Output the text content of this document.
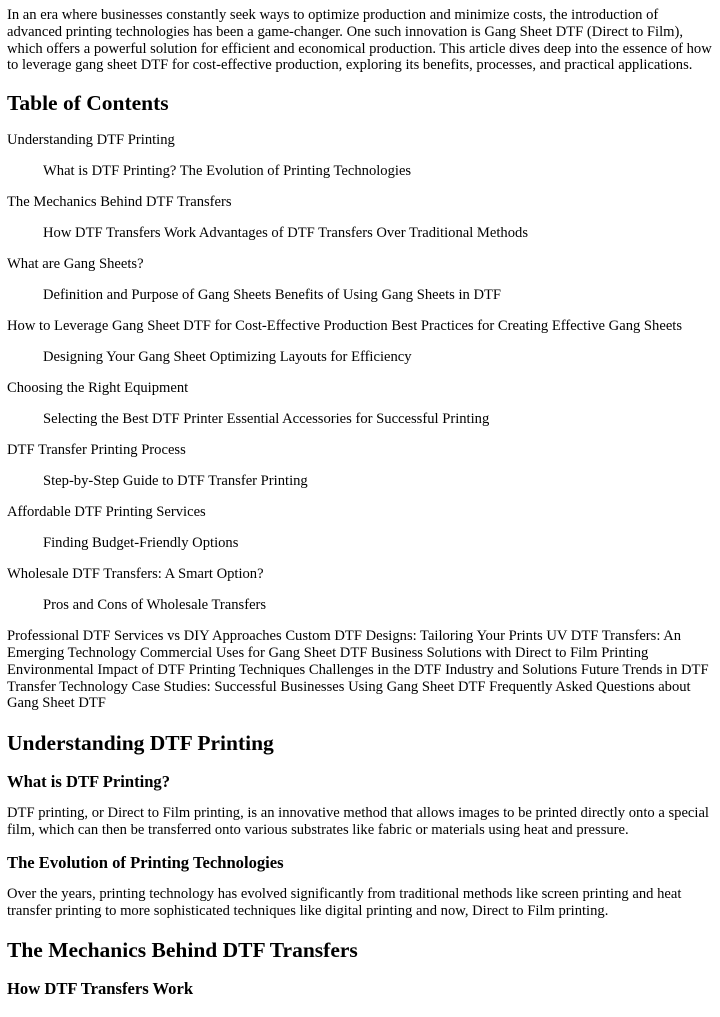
In an era where businesses constantly seek ways to optimize production and minimize costs, the introduction of advanced printing technologies has been a game-changer. One such innovation is Gang Sheet DTF (Direct to Film), which offers a powerful solution for efficient and economical production. This article dives deep into the essence of how to leverage gang sheet DTF for cost-effective production, exploring its benefits, processes, and practical applications.

Table of Contents

Understanding DTF Printing

What is DTF Printing? The Evolution of Printing Technologies

The Mechanics Behind DTF Transfers

How DTF Transfers Work Advantages of DTF Transfers Over Traditional Methods

What are Gang Sheets?

Definition and Purpose of Gang Sheets Benefits of Using Gang Sheets in DTF

How to Leverage Gang Sheet DTF for Cost-Effective Production Best Practices for Creating Effective Gang Sheets

Designing Your Gang Sheet Optimizing Layouts for Efficiency

Choosing the Right Equipment

Selecting the Best DTF Printer Essential Accessories for Successful Printing

DTF Transfer Printing Process

Step-by-Step Guide to DTF Transfer Printing

Affordable DTF Printing Services

Finding Budget-Friendly Options

Wholesale DTF Transfers: A Smart Option?

Pros and Cons of Wholesale Transfers

Professional DTF Services vs DIY Approaches Custom DTF Designs: Tailoring Your Prints UV DTF Transfers: An Emerging Technology Commercial Uses for Gang Sheet DTF Business Solutions with Direct to Film Printing Environmental Impact of DTF Printing Techniques Challenges in the DTF Industry and Solutions Future Trends in DTF Transfer Technology Case Studies: Successful Businesses Using Gang Sheet DTF Frequently Asked Questions about Gang Sheet DTF

Understanding DTF Printing
What is DTF Printing?

DTF printing, or Direct to Film printing, is an innovative method that allows images to be printed directly onto a special film, which can then be transferred onto various substrates like fabric or materials using heat and pressure.

The Evolution of Printing Technologies

Over the years, printing technology has evolved significantly from traditional methods like screen printing and heat transfer printing to more sophisticated techniques like digital printing and now, Direct to Film printing.

The Mechanics Behind DTF Transfers
How DTF Transfers Work
